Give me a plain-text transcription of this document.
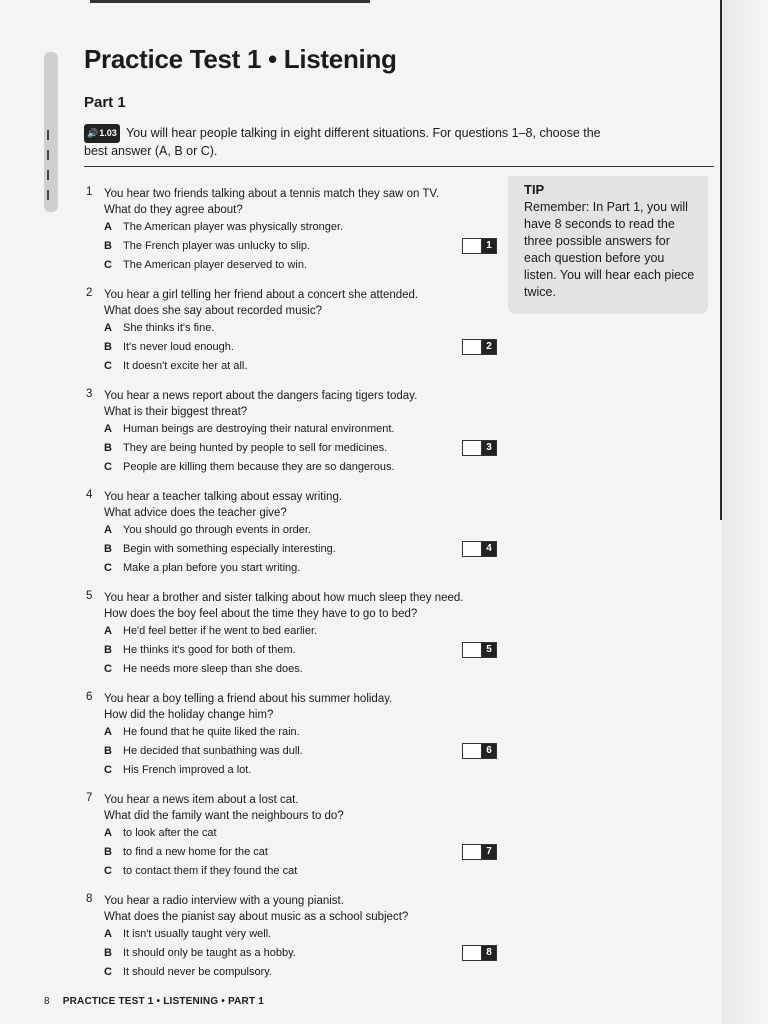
Practice Test 1 • Listening
Part 1
🔊 1.03 You will hear people talking in eight different situations. For questions 1–8, choose the best answer (A, B or C).
TIP
Remember: In Part 1, you will have 8 seconds to read the three possible answers for each question before you listen. You will hear each piece twice.
1 You hear two friends talking about a tennis match they saw on TV.
What do they agree about?
A	The American player was physically stronger.
B	The French player was unlucky to slip.
C	The American player deserved to win.
1
2 You hear a girl telling her friend about a concert she attended.
What does she say about recorded music?
A	She thinks it's fine.
B	It's never loud enough.
C	It doesn't excite her at all.
2
3 You hear a news report about the dangers facing tigers today.
What is their biggest threat?
A	Human beings are destroying their natural environment.
B	They are being hunted by people to sell for medicines.
C	People are killing them because they are so dangerous.
3
4 You hear a teacher talking about essay writing.
What advice does the teacher give?
A	You should go through events in order.
B	Begin with something especially interesting.
C	Make a plan before you start writing.
4
5 You hear a brother and sister talking about how much sleep they need.
How does the boy feel about the time they have to go to bed?
A	He'd feel better if he went to bed earlier.
B	He thinks it's good for both of them.
C	He needs more sleep than she does.
5
6 You hear a boy telling a friend about his summer holiday.
How did the holiday change him?
A	He found that he quite liked the rain.
B	He decided that sunbathing was dull.
C	His French improved a lot.
6
7 You hear a news item about a lost cat.
What did the family want the neighbours to do?
A	to look after the cat
B	to find a new home for the cat
C	to contact them if they found the cat
7
8 You hear a radio interview with a young pianist.
What does the pianist say about music as a school subject?
A	It isn't usually taught very well.
B	It should only be taught as a hobby.
C	It should never be compulsory.
8
8 PRACTICE TEST 1 • LISTENING • PART 1
